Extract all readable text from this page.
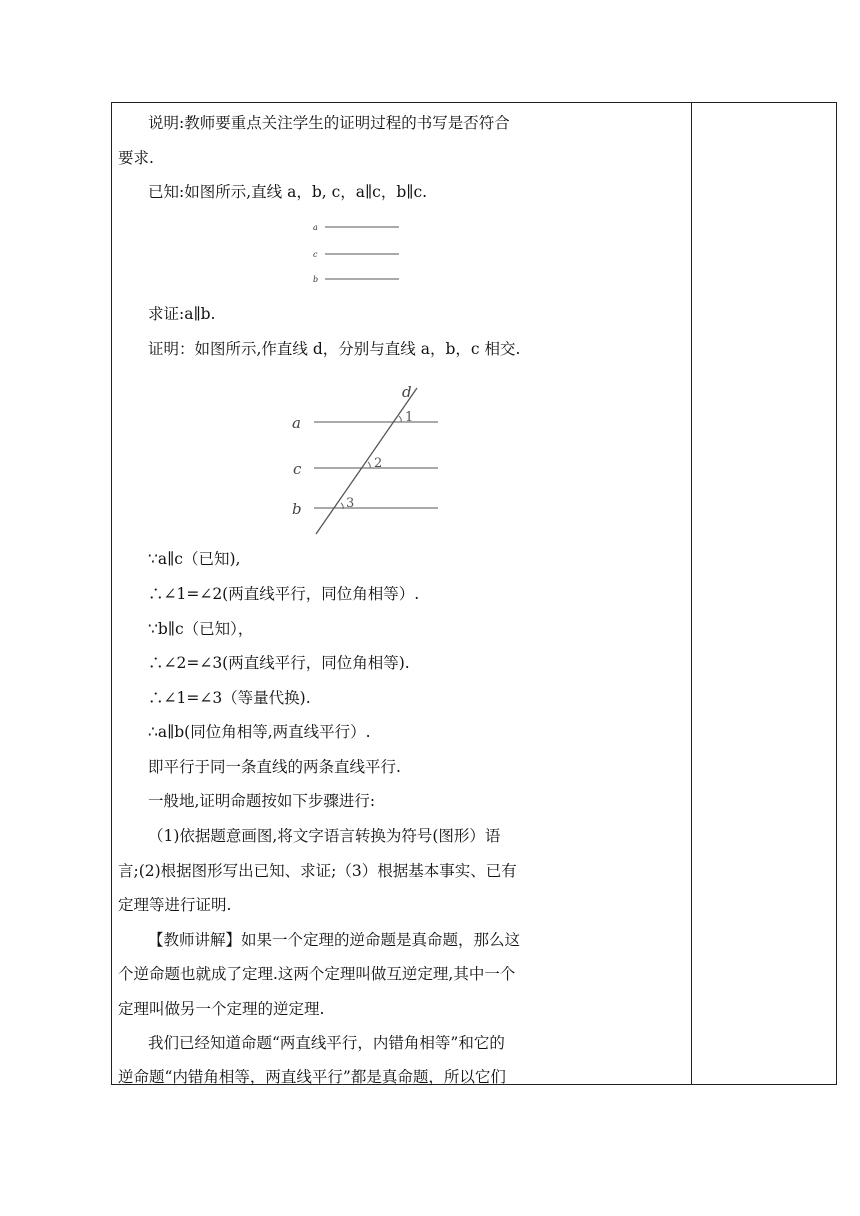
说明:教师要重点关注学生的证明过程的书写是否符合
要求.
已知:如图所示,直线 a，b, c，a∥c，b∥c.
a
c
b
求证:a∥b.
证明：如图所示,作直线 d，分别与直线 a，b，c 相交.
a
c
b
d
1
2
3
∵a∥c（已知),
∴∠1=∠2(两直线平行，同位角相等）.
∵b∥c（已知），
∴∠2=∠3(两直线平行，同位角相等).
∴∠1=∠3（等量代换).
∴a∥b(同位角相等,两直线平行）.
即平行于同一条直线的两条直线平行.
一般地,证明命题按如下步骤进行:
（1)依据题意画图,将文字语言转换为符号(图形）语
言;(2)根据图形写出已知、求证;（3）根据基本事实、已有
定理等进行证明.
【教师讲解】如果一个定理的逆命题是真命题，那么这
个逆命题也就成了定理.这两个定理叫做互逆定理,其中一个
定理叫做另一个定理的逆定理.
我们已经知道命题“两直线平行，内错角相等”和它的
逆命题“内错角相等，两直线平行”都是真命题，所以它们
